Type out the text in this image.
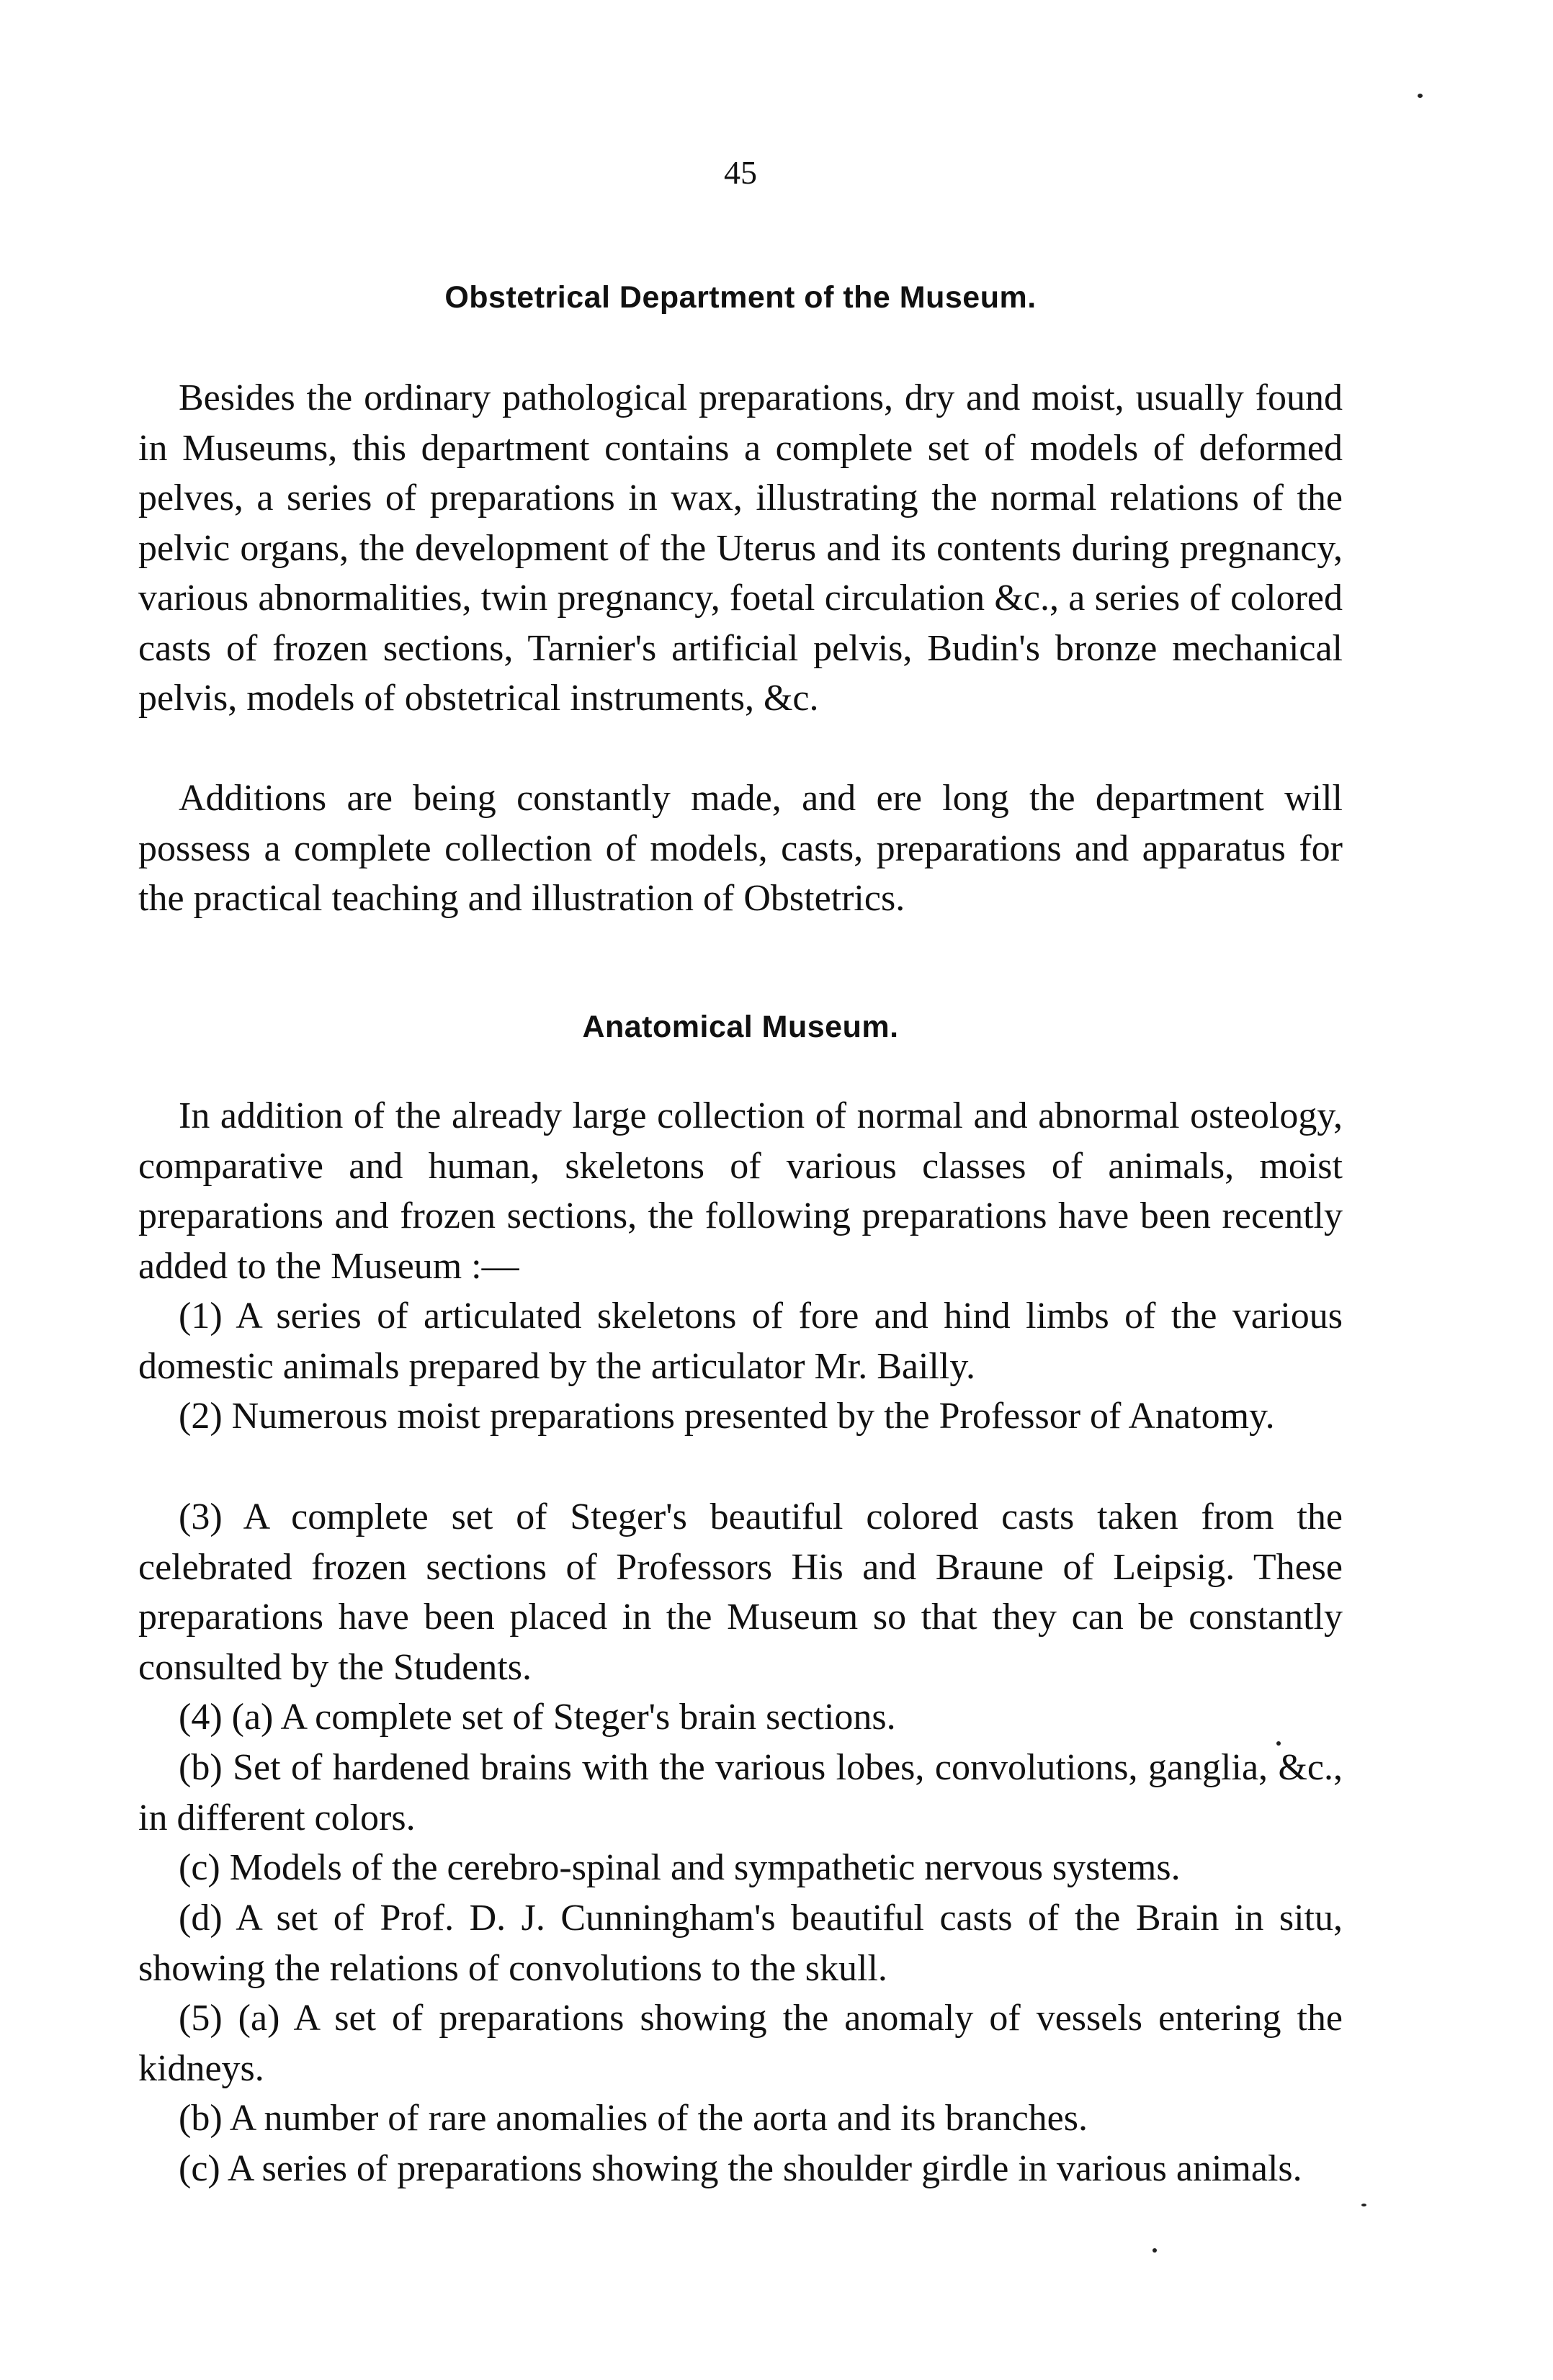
45
Obstetrical Department of the Museum.

Besides the ordinary pathological preparations, dry and moist, usually found in Museums, this department contains a complete set of models of deformed pelves, a series of preparations in wax, illustrating the normal relations of the pelvic organs, the development of the Uterus and its contents during pregnancy, various abnormalities, twin pregnancy, foetal circulation &c., a series of colored casts of frozen sections, Tarnier's artificial pelvis, Budin's bronze mechanical pelvis, models of obstetrical instruments, &c.

Additions are being constantly made, and ere long the department will possess a complete collection of models, casts, preparations and apparatus for the practical teaching and illustration of Obstetrics.

Anatomical Museum.

In addition of the already large collection of normal and abnormal osteology, comparative and human, skeletons of various classes of animals, moist preparations and frozen sections, the following preparations have been recently added to the Museum :—

(1) A series of articulated skeletons of fore and hind limbs of the various domestic animals prepared by the articulator Mr. Bailly.

(2) Numerous moist preparations presented by the Professor of Anatomy.

(3) A complete set of Steger's beautiful colored casts taken from the celebrated frozen sections of Professors His and Braune of Leipsig. These preparations have been placed in the Museum so that they can be constantly consulted by the Students.

(4) (a) A complete set of Steger's brain sections.

(b) Set of hardened brains with the various lobes, convolutions, ganglia, &c., in different colors.

(c) Models of the cerebro-spinal and sympathetic nervous systems.

(d) A set of Prof. D. J. Cunningham's beautiful casts of the Brain in situ, showing the relations of convolutions to the skull.

(5) (a) A set of preparations showing the anomaly of vessels entering the kidneys.

(b) A number of rare anomalies of the aorta and its branches.

(c) A series of preparations showing the shoulder girdle in various animals.
